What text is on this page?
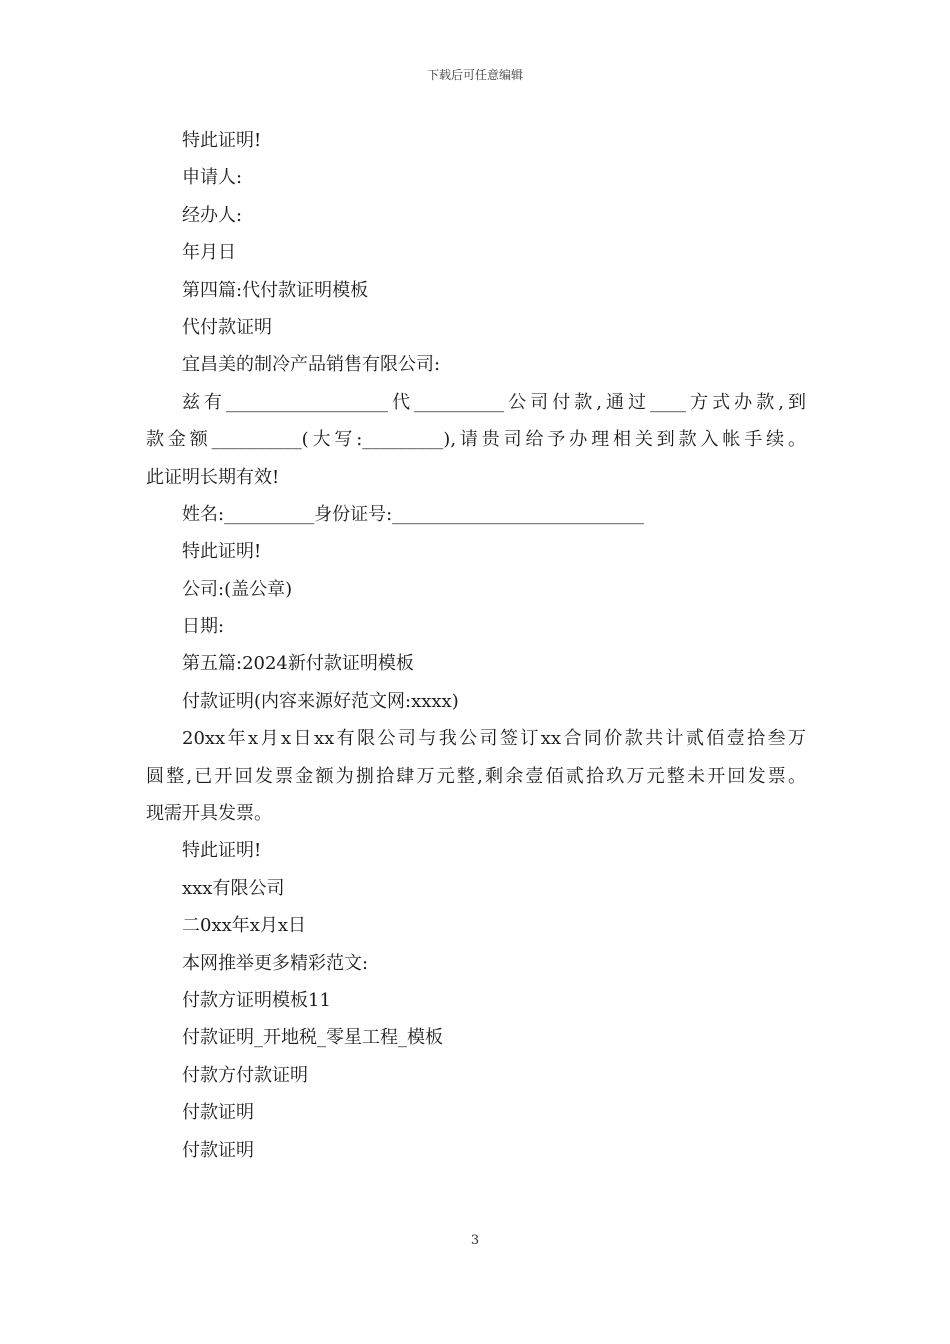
下载后可任意编辑
特此证明!
申请人:
经办人:
年月日
第四篇:代付款证明模板
代付款证明
宜昌美的制冷产品销售有限公司:
兹有__________________代__________公司付款,通过____方式办款,到
款金额__________(大写:_________),请贵司给予办理相关到款入帐手续。
此证明长期有效!
姓名:__________身份证号:____________________________
特此证明!
公司:(盖公章)
日期:
第五篇:2024新付款证明模板
付款证明(内容来源好范文网:xxxx)
20xx年x月x日xx有限公司与我公司签订xx合同价款共计贰佰壹拾叁万
圆整,已开回发票金额为捌拾肆万元整,剩余壹佰贰拾玖万元整未开回发票。
现需开具发票。
特此证明!
xxx有限公司
二0xx年x月x日
本网推举更多精彩范文:
付款方证明模板11
付款证明_开地税_零星工程_模板
付款方付款证明
付款证明
付款证明
3
